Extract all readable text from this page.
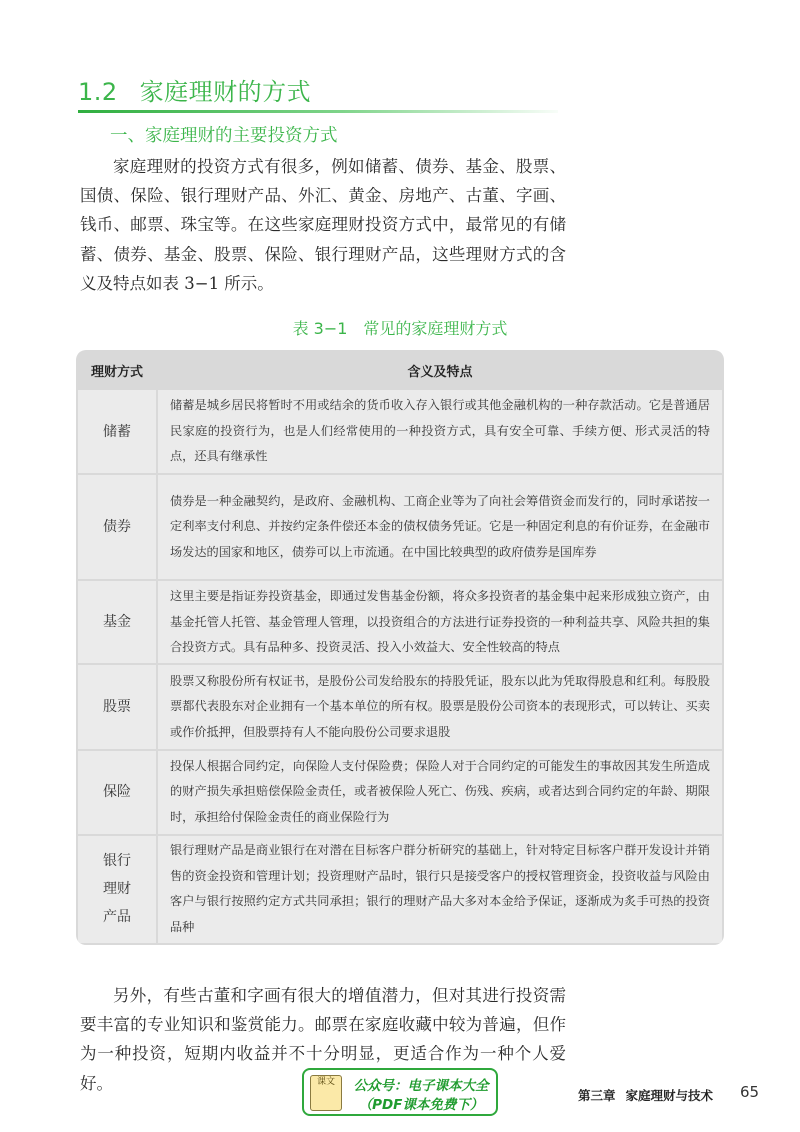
1.2 家庭理财的方式
一、家庭理财的主要投资方式

家庭理财的投资方式有很多，例如储蓄、债券、基金、股票、国债、保险、银行理财产品、外汇、黄金、房地产、古董、字画、钱币、邮票、珠宝等。在这些家庭理财投资方式中，最常见的有储蓄、债券、基金、股票、保险、银行理财产品，这些理财方式的含义及特点如表 3−1 所示。

表 3−1　常见的家庭理财方式
理财方式	含义及特点
储蓄	储蓄是城乡居民将暂时不用或结余的货币收入存入银行或其他金融机构的一种存款活动。它是普通居民家庭的投资行为，也是人们经常使用的一种投资方式，具有安全可靠、手续方便、形式灵活的特点，还具有继承性
债券	债券是一种金融契约，是政府、金融机构、工商企业等为了向社会筹借资金而发行的，同时承诺按一定利率支付利息、并按约定条件偿还本金的债权债务凭证。它是一种固定利息的有价证券，在金融市场发达的国家和地区，债券可以上市流通。在中国比较典型的政府债券是国库券
基金	这里主要是指证券投资基金，即通过发售基金份额，将众多投资者的基金集中起来形成独立资产，由基金托管人托管、基金管理人管理，以投资组合的方法进行证券投资的一种利益共享、风险共担的集合投资方式。具有品种多、投资灵活、投入小效益大、安全性较高的特点
股票	股票又称股份所有权证书，是股份公司发给股东的持股凭证，股东以此为凭取得股息和红利。每股股票都代表股东对企业拥有一个基本单位的所有权。股票是股份公司资本的表现形式，可以转让、买卖或作价抵押，但股票持有人不能向股份公司要求退股
保险	投保人根据合同约定，向保险人支付保险费；保险人对于合同约定的可能发生的事故因其发生所造成的财产损失承担赔偿保险金责任，或者被保险人死亡、伤残、疾病，或者达到合同约定的年龄、期限时，承担给付保险金责任的商业保险行为
银行
理财
产品	银行理财产品是商业银行在对潜在目标客户群分析研究的基础上，针对特定目标客户群开发设计并销售的资金投资和管理计划；投资理财产品时，银行只是接受客户的授权管理资金，投资收益与风险由客户与银行按照约定方式共同承担；银行的理财产品大多对本金给予保证，逐渐成为炙手可热的投资品种

另外，有些古董和字画有很大的增值潜力，但对其进行投资需要丰富的专业知识和鉴赏能力。邮票在家庭收藏中较为普遍，但作为一种投资，短期内收益并不十分明显，更适合作为一种个人爱好。	课文	公众号：电子课本大全
（PDF课本免费下）
第三章 家庭理财与技术 65
